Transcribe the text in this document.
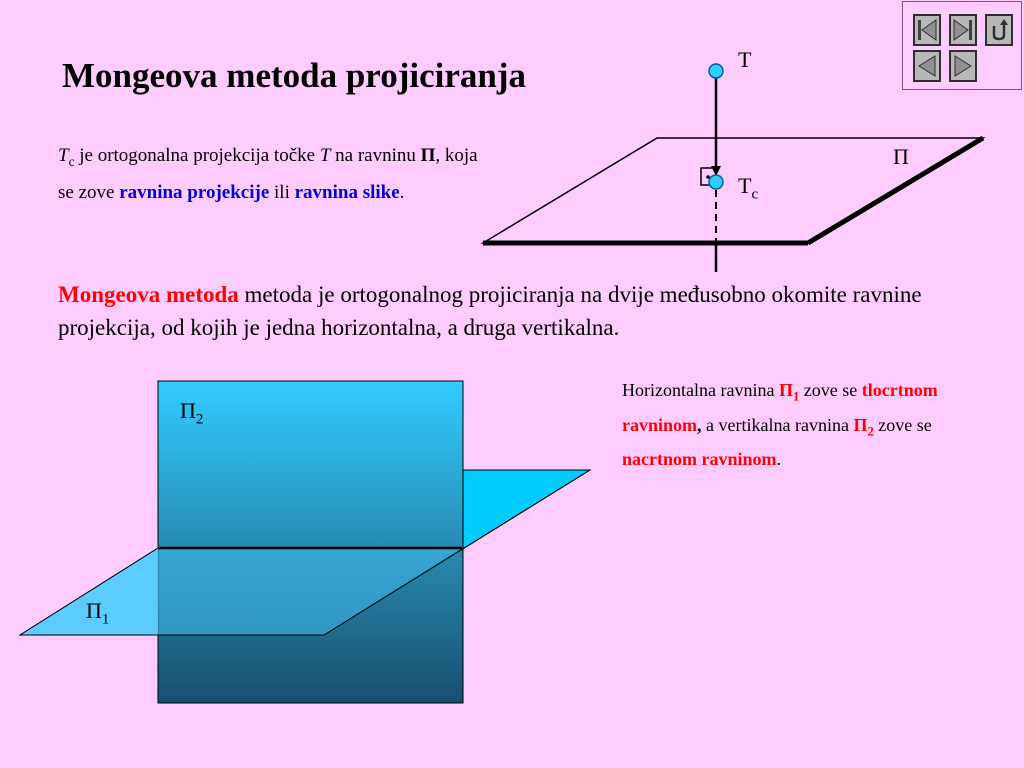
Mongeova metoda projiciranja
$T_c$ je ortogonalna projekcija točke T na ravninu Π, koja se zove ravnina projekcije ili ravnina slike.
T
$T_c$
Π
Mongeova metoda metoda je ortogonalnog projiciranja na dvije međusobno okomite ravnine projekcija, od kojih je jedna horizontalna, a druga vertikalna.
$\Pi_2$
$\Pi_1$
Horizontalna ravnina $\Pi_1$ zove se tlocrtnom ravninom, a vertikalna ravnina $\Pi_2$ zove se nacrtnom ravninom.
